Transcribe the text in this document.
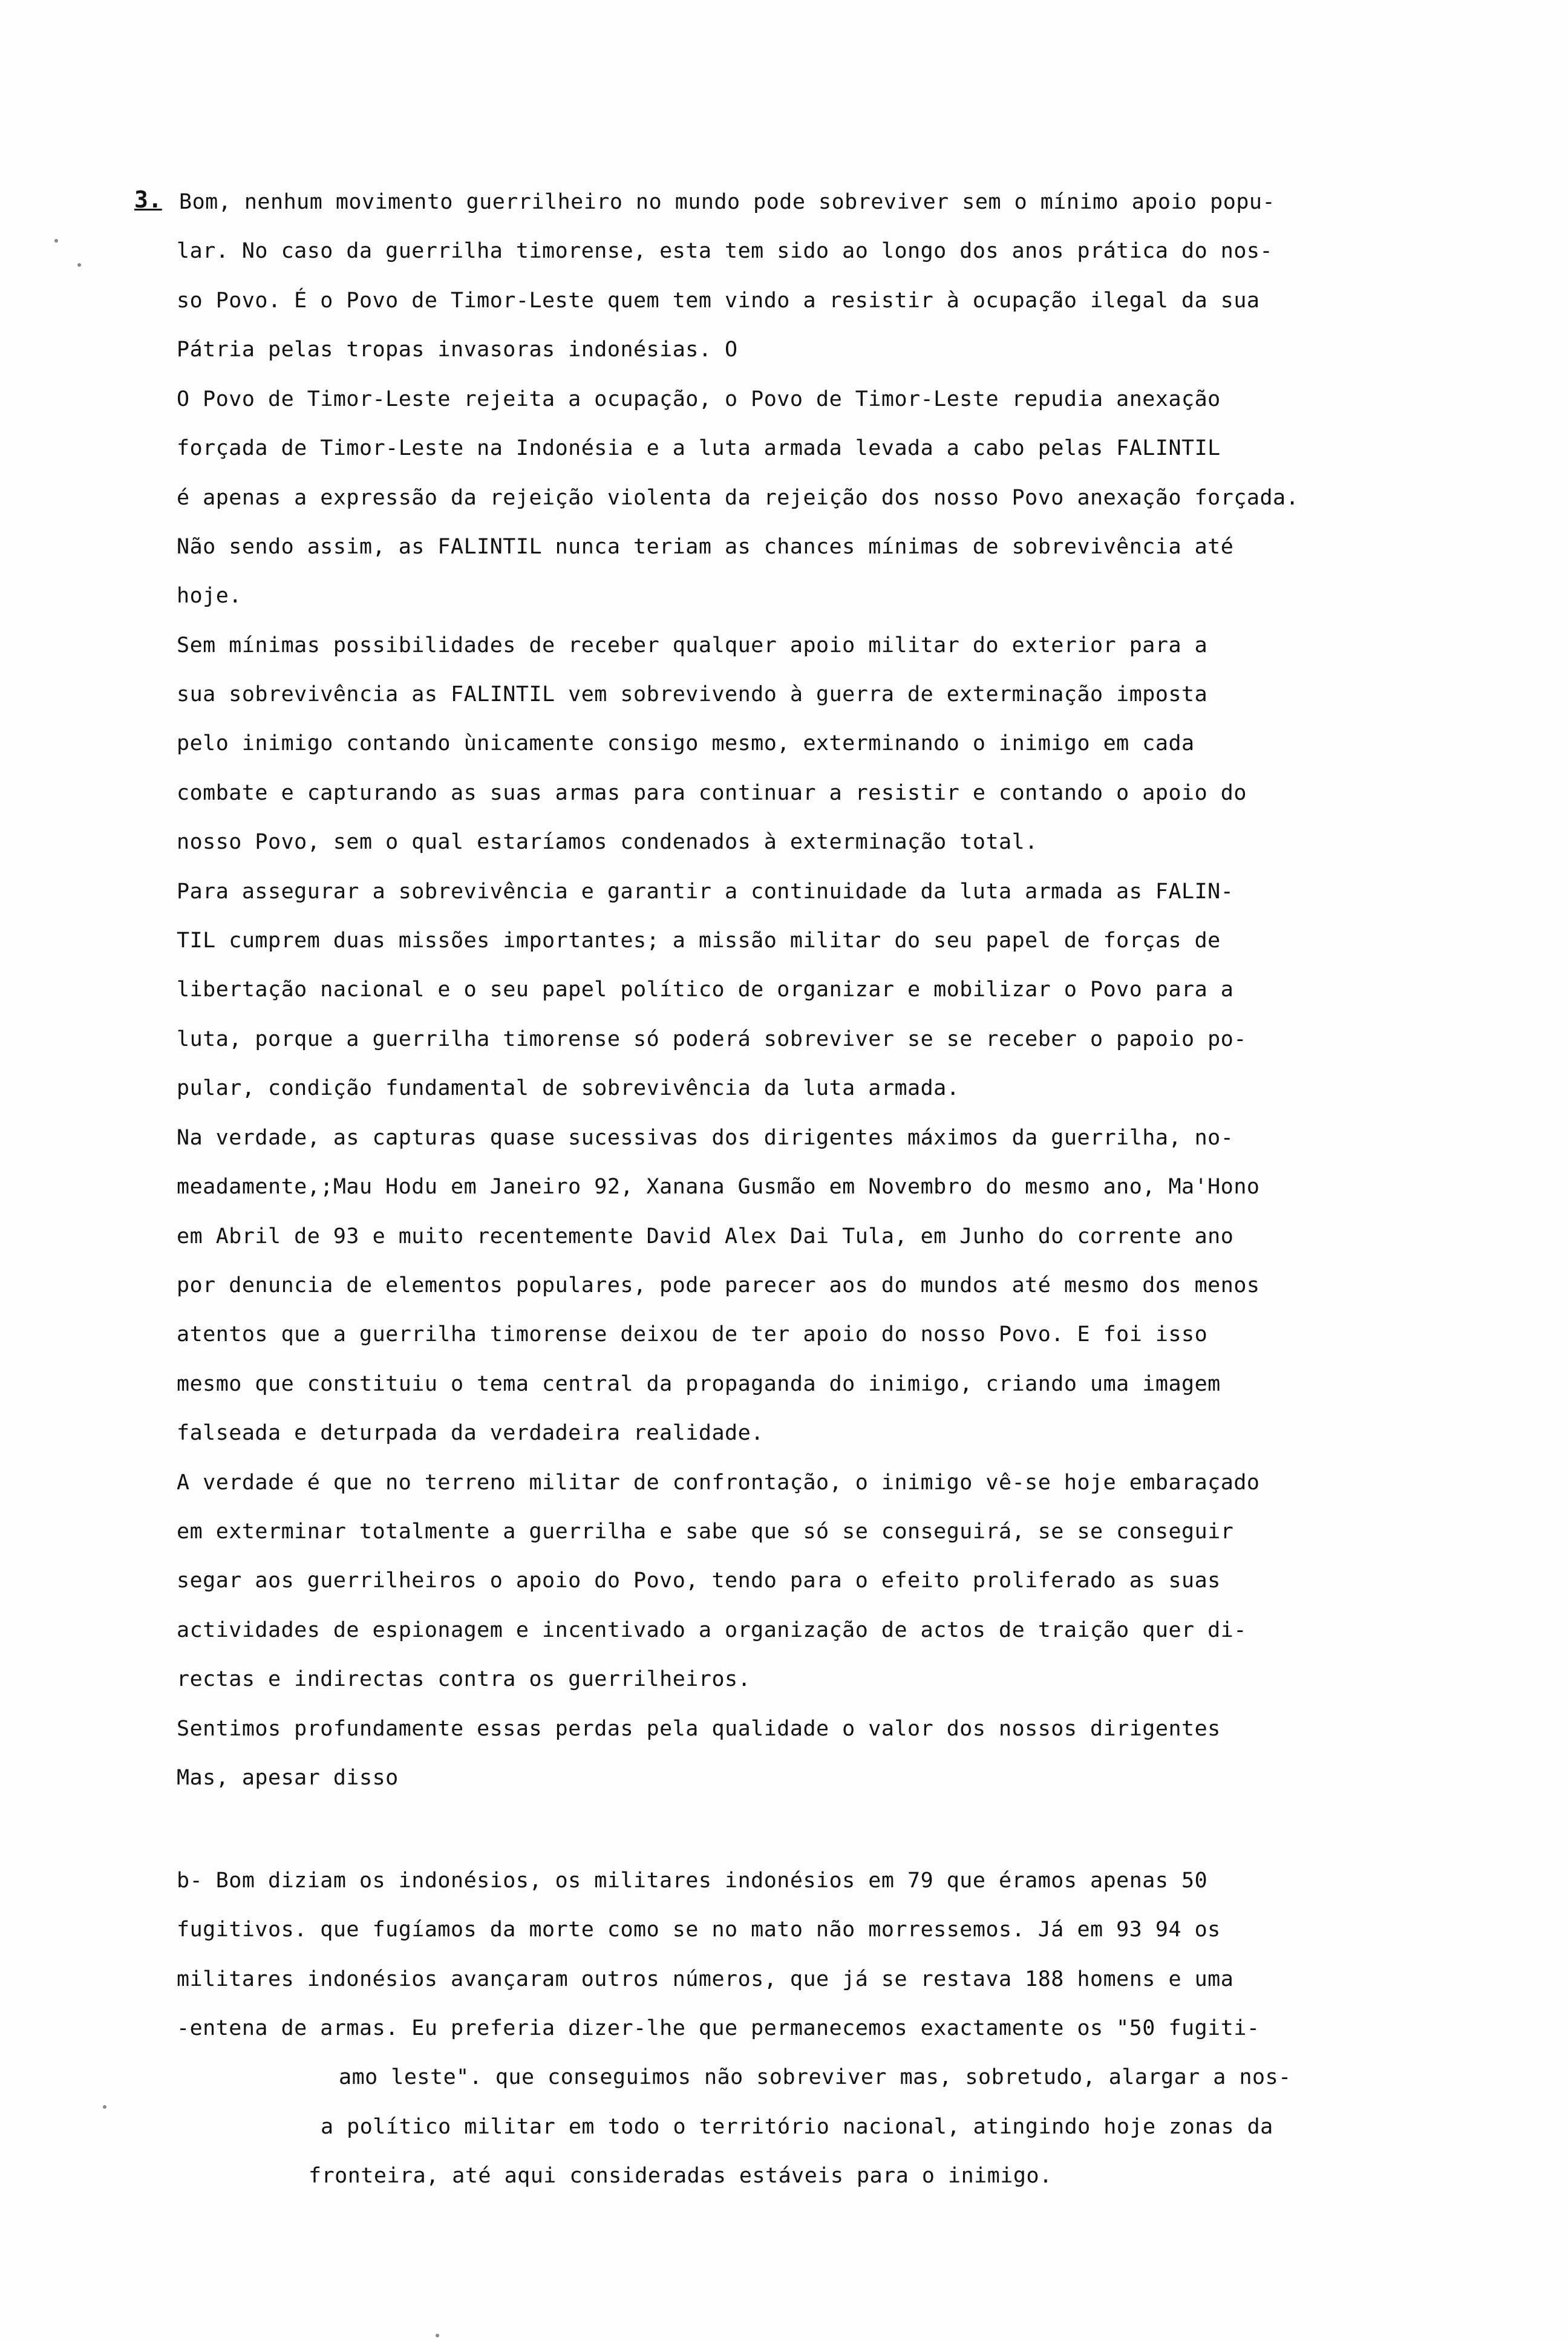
3. Bom, nenhum movimento guerrilheiro no mundo pode sobreviver sem o mínimo apoio popu-
lar. No caso da guerrilha timorense, esta tem sido ao longo dos anos prática do nos-
so Povo. É o Povo de Timor-Leste quem tem vindo a resistir à ocupação ilegal da sua
Pátria pelas tropas invasoras indonésias. O
O Povo de Timor-Leste rejeita a ocupação, o Povo de Timor-Leste repudia anexação
forçada de Timor-Leste na Indonésia e a luta armada levada a cabo pelas FALINTIL
é apenas a expressão da rejeição violenta da rejeição dos nosso Povo anexação forçada.
Não sendo assim, as FALINTIL nunca teriam as chances mínimas de sobrevivência até
hoje.
Sem mínimas possibilidades de receber qualquer apoio militar do exterior para a
sua sobrevivência as FALINTIL vem sobrevivendo à guerra de exterminação imposta
pelo inimigo contando ùnicamente consigo mesmo, exterminando o inimigo em cada
combate e capturando as suas armas para continuar a resistir e contando o apoio do
nosso Povo, sem o qual estaríamos condenados à exterminação total.
Para assegurar a sobrevivência e garantir a continuidade da luta armada as FALIN-
TIL cumprem duas missões importantes; a missão militar do seu papel de forças de
libertação nacional e o seu papel político de organizar e mobilizar o Povo para a
luta, porque a guerrilha timorense só poderá sobreviver se se receber o papoio po-
pular, condição fundamental de sobrevivência da luta armada.
Na verdade, as capturas quase sucessivas dos dirigentes máximos da guerrilha, no-
meadamente,;Mau Hodu em Janeiro 92, Xanana Gusmão em Novembro do mesmo ano, Ma'Hono
em Abril de 93 e muito recentemente David Alex Dai Tula, em Junho do corrente ano
por denuncia de elementos populares, pode parecer aos do mundos até mesmo dos menos
atentos que a guerrilha timorense deixou de ter apoio do nosso Povo. E foi isso
mesmo que constituiu o tema central da propaganda do inimigo, criando uma imagem
falseada e deturpada da verdadeira realidade.
A verdade é que no terreno militar de confrontação, o inimigo vê-se hoje embaraçado
em exterminar totalmente a guerrilha e sabe que só se conseguirá, se se conseguir
segar aos guerrilheiros o apoio do Povo, tendo para o efeito proliferado as suas
actividades de espionagem e incentivado a organização de actos de traição quer di-
rectas e indirectas contra os guerrilheiros.
Sentimos profundamente essas perdas pela qualidade o valor dos nossos dirigentes
Mas, apesar disso
b- Bom diziam os indonésios, os militares indonésios em 79 que éramos apenas 50
fugitivos. que fugíamos da morte como se no mato não morressemos. Já em 93 94 os
militares indonésios avançaram outros números, que já se restava 188 homens e uma
-entena de armas. Eu preferia dizer-lhe que permanecemos exactamente os "50 fugiti-
amo leste". que conseguimos não sobreviver mas, sobretudo, alargar a nos-
a político militar em todo o território nacional, atingindo hoje zonas da
fronteira, até aqui consideradas estáveis para o inimigo.
